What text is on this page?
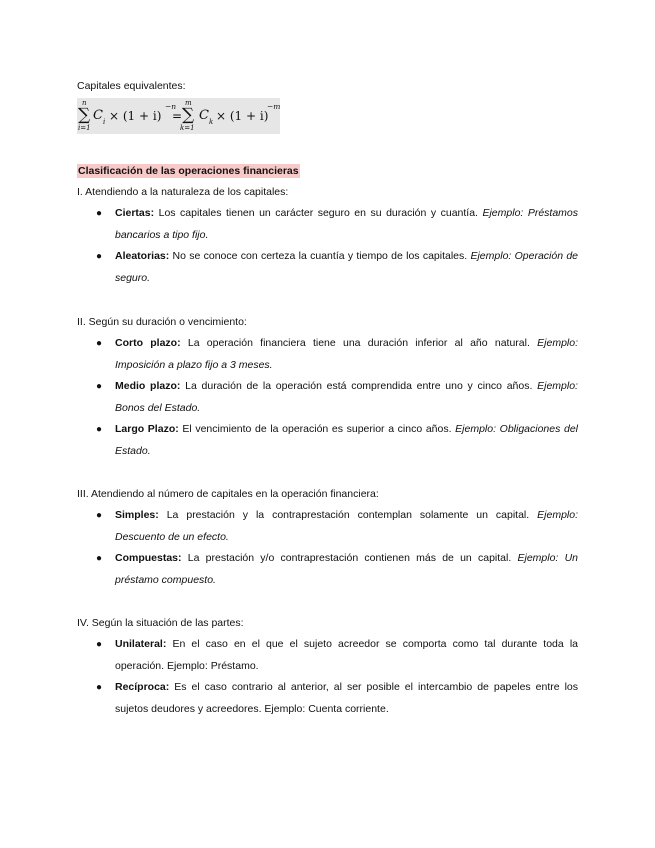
Capitales equivalentes:
n
∑
i=1
C i × (1 + i)
−n
=
m
∑
k=1
C k × (1 + i)
−m
Clasificación de las operaciones financieras
I. Atendiendo a la naturaleza de los capitales:
● Ciertas: Los capitales tienen un carácter seguro en su duración y cuantía. Ejemplo: Préstamos bancarios a tipo fijo.
● Aleatorias: No se conoce con certeza la cuantía y tiempo de los capitales. Ejemplo: Operación de seguro.
II. Según su duración o vencimiento:
● Corto plazo: La operación financiera tiene una duración inferior al año natural. Ejemplo: Imposición a plazo fijo a 3 meses.
● Medio plazo: La duración de la operación está comprendida entre uno y cinco años. Ejemplo: Bonos del Estado.
● Largo Plazo: El vencimiento de la operación es superior a cinco años. Ejemplo: Obligaciones del Estado.
III. Atendiendo al número de capitales en la operación financiera:
● Simples: La prestación y la contraprestación contemplan solamente un capital. Ejemplo: Descuento de un efecto.
● Compuestas: La prestación y/o contraprestación contienen más de un capital. Ejemplo: Un préstamo compuesto.
IV. Según la situación de las partes:
● Unilateral: En el caso en el que el sujeto acreedor se comporta como tal durante toda la operación. Ejemplo: Préstamo.
● Recíproca: Es el caso contrario al anterior, al ser posible el intercambio de papeles entre los sujetos deudores y acreedores. Ejemplo: Cuenta corriente.
